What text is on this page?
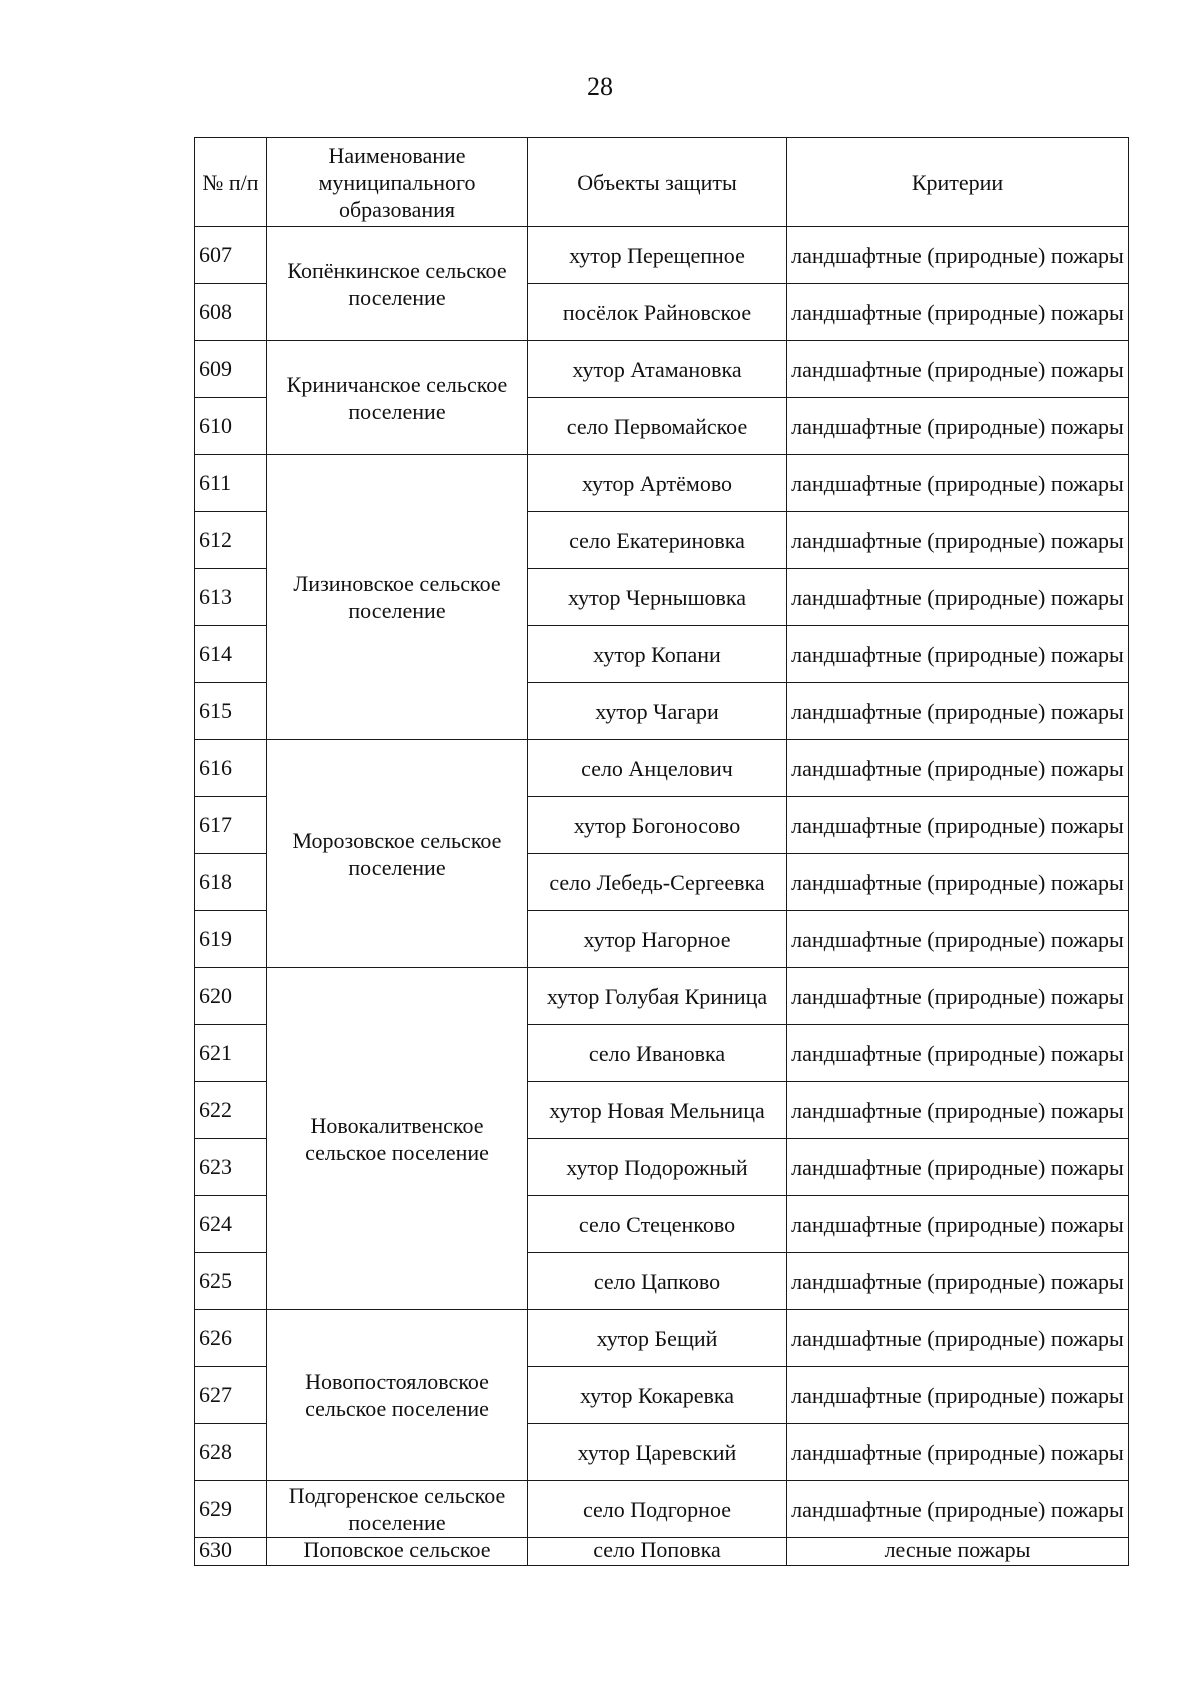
28
№ п/п	Наименование муниципального образования	Объекты защиты	Критерии
607	Копёнкинское сельское поселение	хутор Перещепное	ландшафтные (природные) пожары
608		посёлок Райновское	ландшафтные (природные) пожары
609	Криничанское сельское поселение	хутор Атамановка	ландшафтные (природные) пожары
610		село Первомайское	ландшафтные (природные) пожары
611	Лизиновское сельское поселение	хутор Артёмово	ландшафтные (природные) пожары
612		село Екатериновка	ландшафтные (природные) пожары
613		хутор Чернышовка	ландшафтные (природные) пожары
614		хутор Копани	ландшафтные (природные) пожары
615		хутор Чагари	ландшафтные (природные) пожары
616	Морозовское сельское поселение	село Анцелович	ландшафтные (природные) пожары
617		хутор Богоносово	ландшафтные (природные) пожары
618		село Лебедь-Сергеевка	ландшафтные (природные) пожары
619		хутор Нагорное	ландшафтные (природные) пожары
620	Новокалитвенское сельское поселение	хутор Голубая Криница	ландшафтные (природные) пожары
621		село Ивановка	ландшафтные (природные) пожары
622		хутор Новая Мельница	ландшафтные (природные) пожары
623		хутор Подорожный	ландшафтные (природные) пожары
624		село Стеценково	ландшафтные (природные) пожары
625		село Цапково	ландшафтные (природные) пожары
626	Новопостояловское сельское поселение	хутор Бещий	ландшафтные (природные) пожары
627		хутор Кокаревка	ландшафтные (природные) пожары
628		хутор Царевский	ландшафтные (природные) пожары
629	Подгоренское сельское поселение	село Подгорное	ландшафтные (природные) пожары
630	Поповское сельское	село Поповка	лесные пожары
